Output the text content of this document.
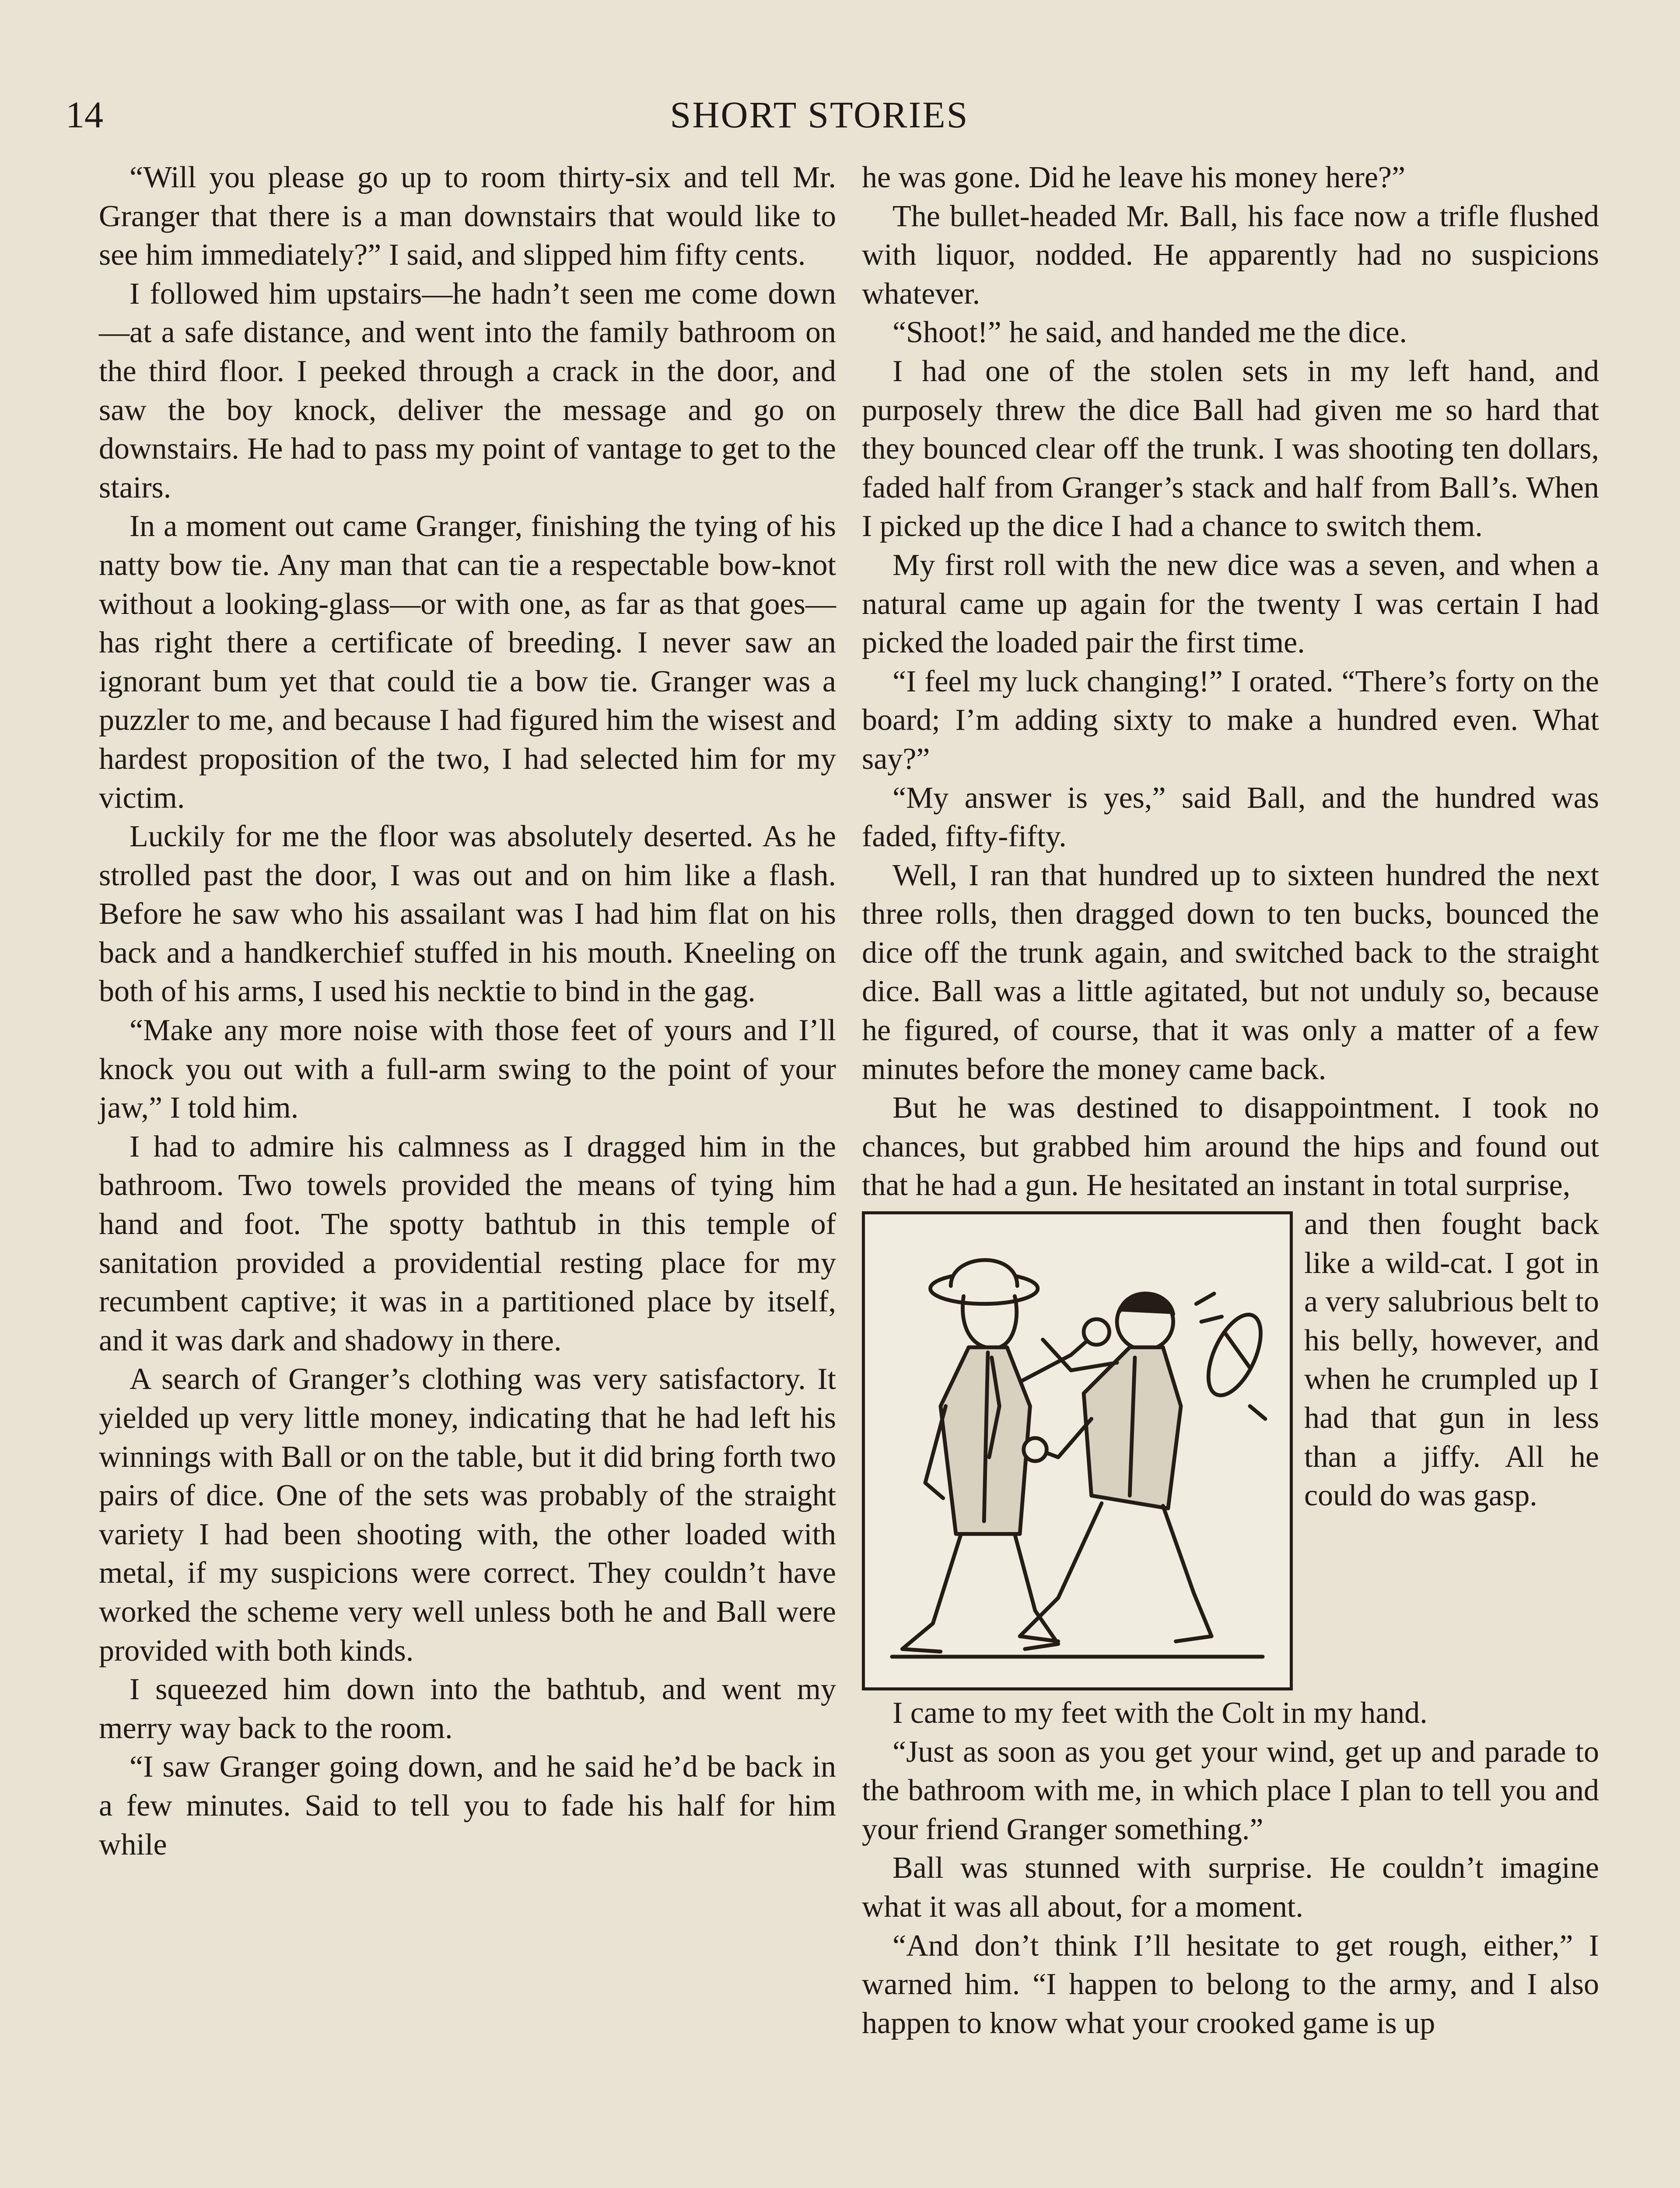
14	SHORT STORIES

“Will you please go up to room thirty-six and tell Mr. Granger that there is a man downstairs that would like to see him immediately?” I said, and slipped him fifty cents.

I followed him upstairs—he hadn’t seen me come down—at a safe distance, and went into the family bathroom on the third floor. I peeked through a crack in the door, and saw the boy knock, deliver the message and go on downstairs. He had to pass my point of vantage to get to the stairs.

In a moment out came Granger, finishing the tying of his natty bow tie. Any man that can tie a respectable bow-knot without a looking-glass—or with one, as far as that goes—has right there a certificate of breeding. I never saw an ignorant bum yet that could tie a bow tie. Granger was a puzzler to me, and because I had figured him the wisest and hardest proposition of the two, I had selected him for my victim.

Luckily for me the floor was absolutely deserted. As he strolled past the door, I was out and on him like a flash. Before he saw who his assailant was I had him flat on his back and a handkerchief stuffed in his mouth. Kneeling on both of his arms, I used his necktie to bind in the gag.

“Make any more noise with those feet of yours and I’ll knock you out with a full-arm swing to the point of your jaw,” I told him.

I had to admire his calmness as I dragged him in the bathroom. Two towels provided the means of tying him hand and foot. The spotty bathtub in this temple of sanitation provided a providential resting place for my recumbent captive; it was in a partitioned place by itself, and it was dark and shadowy in there.

A search of Granger’s clothing was very satisfactory. It yielded up very little money, indicating that he had left his winnings with Ball or on the table, but it did bring forth two pairs of dice. One of the sets was probably of the straight variety I had been shooting with, the other loaded with metal, if my suspicions were correct. They couldn’t have worked the scheme very well unless both he and Ball were provided with both kinds.

I squeezed him down into the bathtub, and went my merry way back to the room.

“I saw Granger going down, and he said he’d be back in a few minutes. Said to tell you to fade his half for him while

he was gone. Did he leave his money here?”

The bullet-headed Mr. Ball, his face now a trifle flushed with liquor, nodded. He apparently had no suspicions whatever.

“Shoot!” he said, and handed me the dice.

I had one of the stolen sets in my left hand, and purposely threw the dice Ball had given me so hard that they bounced clear off the trunk. I was shooting ten dollars, faded half from Granger’s stack and half from Ball’s. When I picked up the dice I had a chance to switch them.

My first roll with the new dice was a seven, and when a natural came up again for the twenty I was certain I had picked the loaded pair the first time.

“I feel my luck changing!” I orated. “There’s forty on the board; I’m adding sixty to make a hundred even. What say?”

“My answer is yes,” said Ball, and the hundred was faded, fifty-fifty.

Well, I ran that hundred up to sixteen hundred the next three rolls, then dragged down to ten bucks, bounced the dice off the trunk again, and switched back to the straight dice. Ball was a little agitated, but not unduly so, because he figured, of course, that it was only a matter of a few minutes before the money came back.

But he was destined to disappointment. I took no chances, but grabbed him around the hips and found out that he had a gun. He hesitated an instant in total surprise,

and then fought back like a wild-cat. I got in a very salubrious belt to his belly, however, and when he crumpled up I had that gun in less than a jiffy. All he could do was gasp.

I came to my feet with the Colt in my hand.

“Just as soon as you get your wind, get up and parade to the bathroom with me, in which place I plan to tell you and your friend Granger something.”

Ball was stunned with surprise. He couldn’t imagine what it was all about, for a moment.

“And don’t think I’ll hesitate to get rough, either,” I warned him. “I happen to belong to the army, and I also happen to know what your crooked game is up
